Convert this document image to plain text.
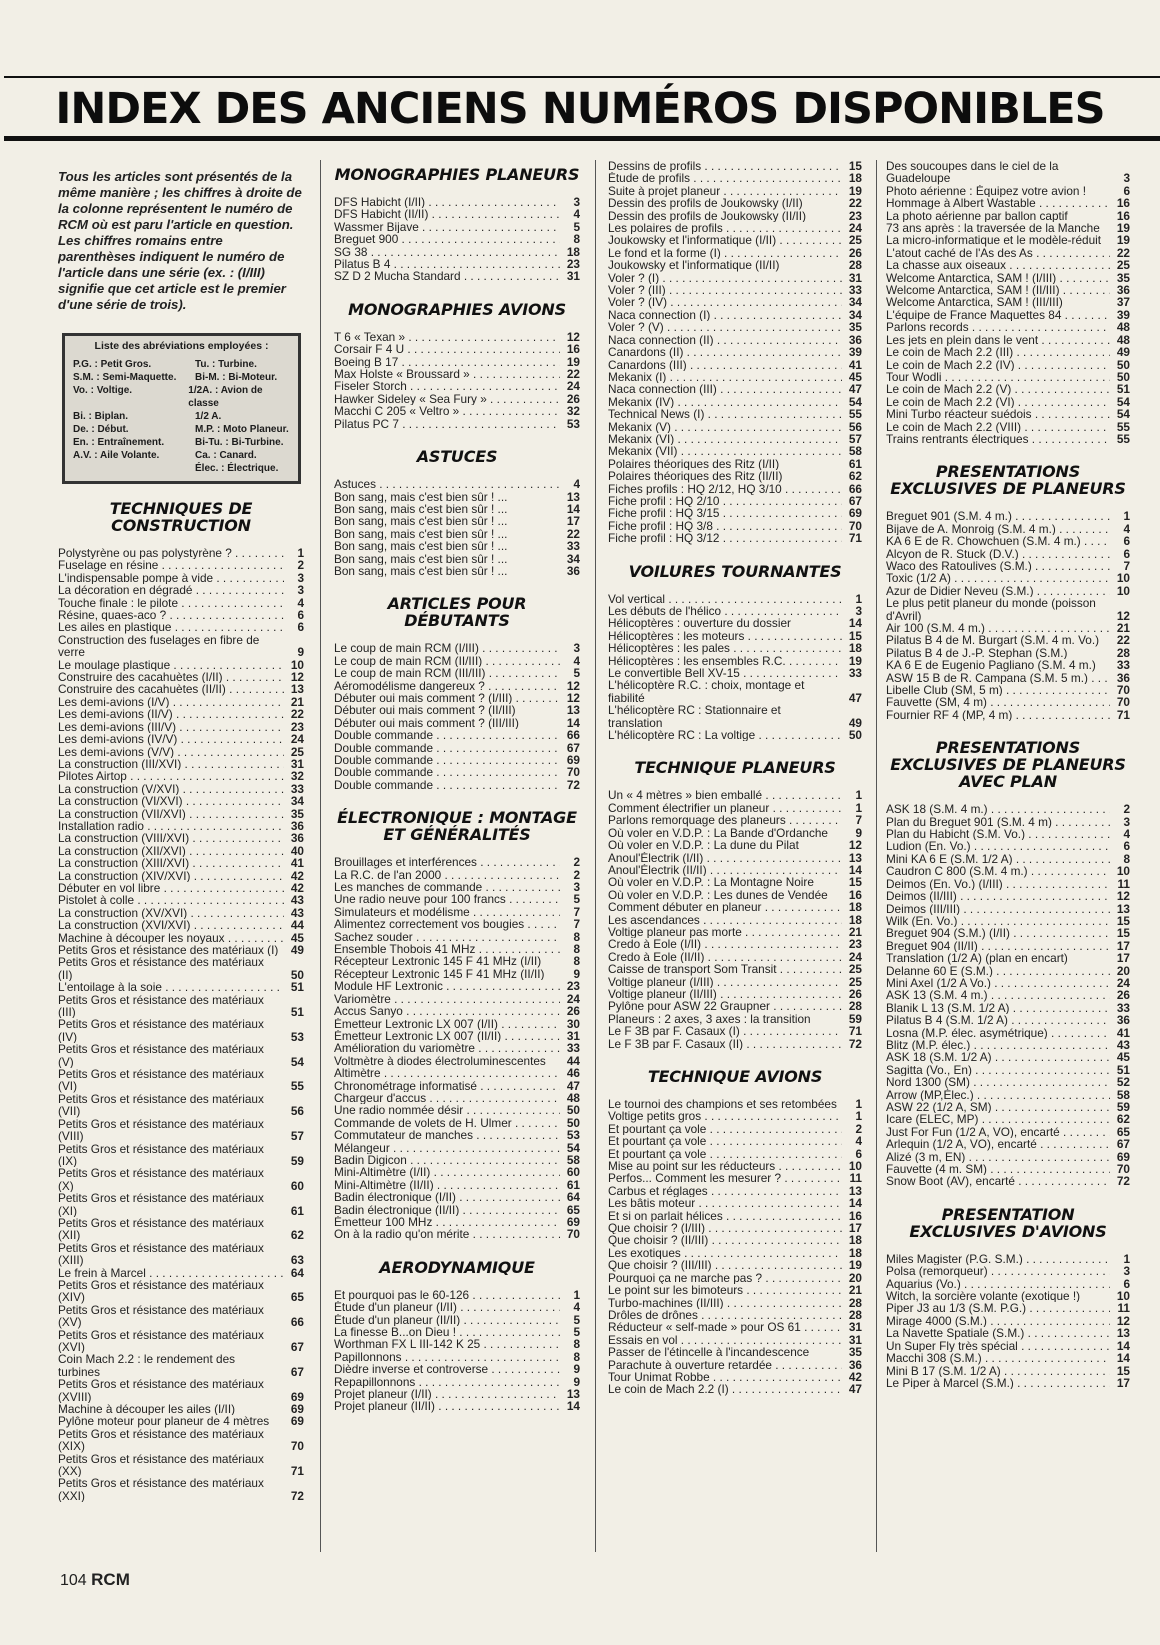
INDEX DES ANCIENS NUMÉROS DISPONIBLES

Tous les articles sont présentés de la même manière ; les chiffres à droite de la colonne représentent le numéro de RCM où est paru l'article en question.

Les chiffres romains entre parenthèses indiquent le numéro de l'article dans une série (ex. : (I/III) signifie que cet article est le premier d'une série de trois).

Liste des abréviations employées :
P.G. : Petit Gros.	Tu. : Turbine.
S.M. : Semi-Maquette.	Bi-M. : Bi-Moteur.
Vo. : Voltige.	1/2A. : Avion de classe
Bi. : Biplan.	1/2 A.
De. : Début.	M.P. : Moto Planeur.
En. : Entraînement.	Bi-Tu. : Bi-Turbine.
A.V. : Aile Volante.	Ca. : Canard.
Élec. : Électrique.
TECHNIQUES DE CONSTRUCTION
Polystyrène ou pas polystyrène ? . . .	1
Fuselage en résine . . .	2
L'indispensable pompe à vide . . .	3
La décoration en dégradé . . .	3
Touche finale : le pilote . . .	4
Résine, quaes-aco ? . . .	6
Les ailes en plastique . . .	6
Construction des fuselages en fibre de verre	9
Le moulage plastique . . .	10
Construire des cacahuètes (I/II) . . .	12
Construire des cacahuètes (II/II) . . .	13
Les demi-avions (I/V) . . .	21
Les demi-avions (II/V) . . .	22
Les demi-avions (III/V) . . .	23
Les demi-avions (IV/V) . . .	24
Les demi-avions (V/V) . . .	25
La construction (III/XVI) . . .	31
Pilotes Airtop . . .	32
La construction (V/XVI) . . .	33
La construction (VI/XVI) . . .	34
La construction (VII/XVI) . . .	35
Installation radio . . .	36
La construction (VIII/XVI) . . .	36
La construction (XII/XVI) . . .	40
La construction (XIII/XVI) . . .	41
La construction (XIV/XVI) . . .	42
Débuter en vol libre . . .	42
Pistolet à colle . . .	43
La construction (XV/XVI) . . .	43
La construction (XVI/XVI) . . .	44
Machine à découper les noyaux . . .	45
Petits Gros et résistance des matériaux (I)	49
Petits Gros et résistance des matériaux (II)	50
L'entoilage à la soie . . .	51
Petits Gros et résistance des matériaux (III)	51
Petits Gros et résistance des matériaux (IV)	53
Petits Gros et résistance des matériaux (V)	54
Petits Gros et résistance des matériaux (VI)	55
Petits Gros et résistance des matériaux (VII)	56
Petits Gros et résistance des matériaux (VIII)	57
Petits Gros et résistance des matériaux (IX)	59
Petits Gros et résistance des matériaux (X)	60
Petits Gros et résistance des matériaux (XI)	61
Petits Gros et résistance des matériaux (XII)	62
Petits Gros et résistance des matériaux (XIII)	63
Le frein à Marcel . . .	64
Petits Gros et résistance des matériaux (XIV)	65
Petits Gros et résistance des matériaux (XV)	66
Petits Gros et résistance des matériaux (XVI)	67
Coin Mach 2.2 : le rendement des turbines	67
Petits Gros et résistance des matériaux (XVIII)	69
Machine à découper les ailes (I/II)	69
Pylône moteur pour planeur de 4 mètres	69
Petits Gros et résistance des matériaux (XIX)	70
Petits Gros et résistance des matériaux (XX)	71
Petits Gros et résistance des matériaux (XXI)	72
MONOGRAPHIES PLANEURS
DFS Habicht (I/II) . . .	3
DFS Habicht (II/II) . . .	4
Wassmer Bijave . . .	5
Breguet 900 . . .	8
SG 38 . . .	18
Pilatus B 4 . . .	23
SZ D 2 Mucha Standard . . .	31
MONOGRAPHIES AVIONS
T 6 « Texan » . . .	12
Corsair F 4 U . . .	16
Boeing B 17 . . .	19
Max Holste « Broussard » . . .	22
Fiseler Storch . . .	24
Hawker Sideley « Sea Fury » . . .	26
Macchi C 205 « Veltro » . . .	32
Pilatus PC 7 . . .	53
ASTUCES
Astuces . . .	4
Bon sang, mais c'est bien sûr ! ...	13
Bon sang, mais c'est bien sûr ! ...	14
Bon sang, mais c'est bien sûr ! ...	17
Bon sang, mais c'est bien sûr ! ...	22
Bon sang, mais c'est bien sûr ! ...	33
Bon sang, mais c'est bien sûr ! ...	34
Bon sang, mais c'est bien sûr ! ...	36
ARTICLES POUR DÉBUTANTS
Le coup de main RCM (I/III) . . .	3
Le coup de main RCM (II/III) . . .	4
Le coup de main RCM (III/III) . . .	5
Aéromodélisme dangereux ? . . .	12
Débuter oui mais comment ? (I/III) . . .	12
Débuter oui mais comment ? (II/III)	13
Débuter oui mais comment ? (III/III)	14
Double commande . . .	66
Double commande . . .	67
Double commande . . .	69
Double commande . . .	70
Double commande . . .	72
ÉLECTRONIQUE : MONTAGE ET GÉNÉRALITÉS
Brouillages et interférences . . .	2
La R.C. de l'an 2000 . . .	2
Les manches de commande . . .	3
Une radio neuve pour 100 francs . . .	5
Simulateurs et modélisme . . .	7
Alimentez correctement vos bougies . . .	7
Sachez souder . . .	8
Ensemble Thobois 41 MHz . . .	8
Récepteur Lextronic 145 F 41 MHz (I/II)	8
Récepteur Lextronic 145 F 41 MHz (II/II)	9
Module HF Lextronic . . .	23
Variomètre . . .	24
Accus Sanyo . . .	26
Émetteur Lextronic LX 007 (I/II) . . .	30
Émetteur Lextronic LX 007 (II/II) . . .	31
Amélioration du variomètre . . .	33
Voltmètre à diodes électroluminescentes	44
Altimètre . . .	46
Chronométrage informatisé . . .	47
Chargeur d'accus . . .	48
Une radio nommée désir . . .	50
Commande de volets de H. Ulmer . . .	50
Commutateur de manches . . .	53
Mélangeur . . .	54
Badin Digicon . . .	58
Mini-Altimètre (I/II) . . .	60
Mini-Altimètre (II/II) . . .	61
Badin électronique (I/II) . . .	64
Badin électronique (II/II) . . .	65
Émetteur 100 MHz . . .	69
On à la radio qu'on mérite . . .	70
AERODYNAMIQUE
Et pourquoi pas le 60-126 . . .	1
Étude d'un planeur (I/II) . . .	4
Étude d'un planeur (II/II) . . .	5
La finesse B...on Dieu ! . . .	5
Worthman FX L III-142 K 25 . . .	8
Papillonnons . . .	8
Dièdre inverse et controverse . . .	9
Repapillonnons . . .	9
Projet planeur (I/II) . . .	13
Projet planeur (II/II) . . .	14
Dessins de profils . . .	15
Étude de profils . . .	18
Suite à projet planeur . . .	19
Dessin des profils de Joukowsky (I/II)	22
Dessin des profils de Joukowsky (II/II)	23
Les polaires de profils . . .	24
Joukowsky et l'informatique (I/II) . . .	25
Le fond et la forme (I) . . .	26
Joukowsky et l'informatique (II/II)	28
Voler ? (I) . . .	31
Voler ? (III) . . .	33
Voler ? (IV) . . .	34
Naca connection (I) . . .	34
Voler ? (V) . . .	35
Naca connection (II) . . .	36
Canardons (II) . . .	39
Canardons (III) . . .	41
Mekanix (I) . . .	45
Naca connection (III) . . .	47
Mekanix (IV) . . .	54
Technical News (I) . . .	55
Mekanix (V) . . .	56
Mekanix (VI) . . .	57
Mekanix (VII) . . .	58
Polaires théoriques des Ritz (I/II)	61
Polaires théoriques des Ritz (II/II)	62
Fiches profils : HQ 2/12, HQ 3/10 . . .	66
Fiche profil : HQ 2/10 . . .	67
Fiche profil : HQ 3/15 . . .	69
Fiche profil : HQ 3/8 . . .	70
Fiche profil : HQ 3/12 . . .	71
VOILURES TOURNANTES
Vol vertical . . .	1
Les débuts de l'hélico . . .	3
Hélicoptères : ouverture du dossier	14
Hélicoptères : les moteurs . . .	15
Hélicoptères : les pales . . .	18
Hélicoptères : les ensembles R.C. . . .	19
Le convertible Bell XV-15 . . .	33
L'hélicoptère R.C. : choix, montage et fiabilité	47
L'hélicoptère RC : Stationnaire et translation	49
L'hélicoptère RC : La voltige . . .	50
TECHNIQUE PLANEURS
Un « 4 mètres » bien emballé . . .	1
Comment électrifier un planeur . . .	1
Parlons remorquage des planeurs . . .	7
Où voler en V.D.P. : La Bande d'Ordanche	9
Où voler en V.D.P. : La dune du Pilat	12
Anoul'Électrik (I/II) . . .	13
Anoul'Électrik (II/II) . . .	14
Où voler en V.D.P. : La Montagne Noire	15
Où voler en V.D.P. : Les dunes de Vendée	16
Comment débuter en planeur . . .	18
Les ascendances . . .	18
Voltige planeur pas morte . . .	21
Credo à Eole (I/II) . . .	23
Credo à Eole (II/II) . . .	24
Caisse de transport Som Transit . . .	25
Voltige planeur (I/III) . . .	25
Voltige planeur (II/III) . . .	26
Pylône pour ASW 22 Graupner . . .	28
Planeurs : 2 axes, 3 axes : la transition	59
Le F 3B par F. Casaux (I) . . .	71
Le F 3B par F. Casaux (II) . . .	72
TECHNIQUE AVIONS
Le tournoi des champions et ses retombées	1
Voltige petits gros . . .	1
Et pourtant ça vole . . .	2
Et pourtant ça vole . . .	4
Et pourtant ça vole . . .	6
Mise au point sur les réducteurs . . .	10
Perfos... Comment les mesurer ? . . .	11
Carbus et réglages . . .	13
Les bâtis moteur . . .	14
Et si on parlait hélices . . .	16
Que choisir ? (I/III) . . .	17
Que choisir ? (II/III) . . .	18
Les exotiques . . .	18
Que choisir ? (III/III) . . .	19
Pourquoi ça ne marche pas ? . . .	20
Le point sur les bimoteurs . . .	21
Turbo-machines (II/III) . . .	28
Drôles de drônes . . .	28
Réducteur « self-made » pour OS 61 . . .	31
Essais en vol . . .	31
Passer de l'étincelle à l'incandescence	35
Parachute à ouverture retardée . . .	36
Tour Unimat Robbe . . .	42
Le coin de Mach 2.2 (I) . . .	47
Des soucoupes dans le ciel de la Guadeloupe	3
Photo aérienne : Équipez votre avion !	6
Hommage à Albert Wastable . . .	16
La photo aérienne par ballon captif	16
73 ans après : la traversée de la Manche	19
La micro-informatique et le modèle-réduit	19
L'atout caché de l'As des As . . .	22
La chasse aux oiseaux . . .	25
Welcome Antarctica, SAM ! (I/III) . . .	35
Welcome Antarctica, SAM ! (II/III) . . .	36
Welcome Antarctica, SAM ! (III/III)	37
L'équipe de France Maquettes 84 . . .	39
Parlons records . . .	48
Les jets en plein dans le vent . . .	48
Le coin de Mach 2.2 (III) . . .	49
Le coin de Mach 2.2 (IV) . . .	50
Tour Wodli . . .	50
Le coin de Mach 2.2 (V) . . .	51
Le coin de Mach 2.2 (VI) . . .	54
Mini Turbo réacteur suédois . . .	54
Le coin de Mach 2.2 (VIII) . . .	55
Trains rentrants électriques . . .	55
PRESENTATIONS EXCLUSIVES DE PLANEURS
Breguet 901 (S.M. 4 m.) . . .	1
Bijave de A. Monroig (S.M. 4 m.) . . .	4
KA 6 E de R. Chowchuen (S.M. 4 m.) . . .	6
Alcyon de R. Stuck (D.V.) . . .	6
Waco des Ratoulives (S.M.) . . .	7
Toxic (1/2 A) . . .	10
Azur de Didier Neveu (S.M.) . . .	10
Le plus petit planeur du monde (poisson d'Avril)	12
Air 100 (S.M. 4 m.) . . .	21
Pilatus B 4 de M. Burgart (S.M. 4 m. Vo.)	22
Pilatus B 4 de J.-P. Stephan (S.M.)	28
KA 6 E de Eugenio Pagliano (S.M. 4 m.)	33
ASW 15 B de R. Campana (S.M. 5 m.) . . .	36
Libelle Club (SM, 5 m) . . .	70
Fauvette (SM, 4 m) . . .	70
Fournier RF 4 (MP, 4 m) . . .	71
PRESENTATIONS EXCLUSIVES DE PLANEURS AVEC PLAN
ASK 18 (S.M. 4 m.) . . .	2
Plan du Breguet 901 (S.M. 4 m) . . .	3
Plan du Habicht (S.M. Vo.) . . .	4
Ludion (En. Vo.) . . .	6
Mini KA 6 E (S.M. 1/2 A) . . .	8
Caudron C 800 (S.M. 4 m.) . . .	10
Deimos (En. Vo.) (I/III) . . .	11
Deimos (II/III) . . .	12
Deimos (III/III) . . .	13
Wilk (En. Vo.) . . .	15
Breguet 904 (S.M.) (I/II) . . .	15
Breguet 904 (II/II) . . .	17
Translation (1/2 A) (plan en encart)	17
Delanne 60 E (S.M.) . . .	20
Mini Axel (1/2 A Vo.) . . .	24
ASK 13 (S.M. 4 m.) . . .	26
Blanik L 13 (S.M. 1/2 A) . . .	33
Pilatus B 4 (S.M. 1/2 A) . . .	36
Losna (M.P. élec. asymétrique) . . .	41
Blitz (M.P. élec.) . . .	43
ASK 18 (S.M. 1/2 A) . . .	45
Sagitta (Vo., En) . . .	51
Nord 1300 (SM) . . .	52
Arrow (MP,Élec.) . . .	58
ASW 22 (1/2 A, SM) . . .	59
Icare (ELEC, MP) . . .	62
Just For Fun (1/2 A, VO), encarté . . .	65
Arlequin (1/2 A, VO), encarté . . .	67
Alizé (3 m, EN) . . .	69
Fauvette (4 m. SM) . . .	70
Snow Boot (AV), encarté . . .	72
PRESENTATION EXCLUSIVES D'AVIONS
Miles Magister (P.G. S.M.) . . .	1
Polsa (remorqueur) . . .	3
Aquarius (Vo.) . . .	6
Witch, la sorcière volante (exotique !)	10
Piper J3 au 1/3 (S.M. P.G.) . . .	11
Mirage 4000 (S.M.) . . .	12
La Navette Spatiale (S.M.) . . .	13
Un Super Fly très spécial . . .	14
Macchi 308 (S.M.) . . .	14
Mini B 17 (S.M. 1/2 A) . . .	15
Le Piper à Marcel (S.M.) . . .	17
104 RCM
